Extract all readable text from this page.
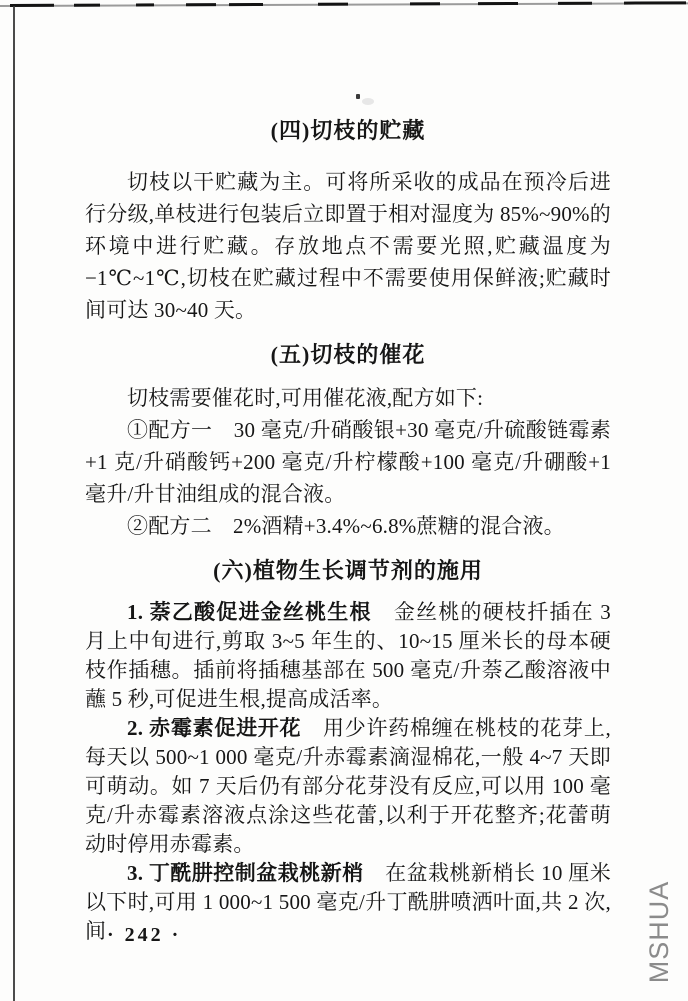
(四)切枝的贮藏

切枝以干贮藏为主。可将所采收的成品在预冷后进行分级,单枝进行包装后立即置于相对湿度为 85%~90%的环境中进行贮藏。存放地点不需要光照,贮藏温度为−1℃~1℃,切枝在贮藏过程中不需要使用保鲜液;贮藏时间可达 30~40 天。

(五)切枝的催花

切枝需要催花时,可用催花液,配方如下:

①配方一　30 毫克/升硝酸银+30 毫克/升硫酸链霉素+1 克/升硝酸钙+200 毫克/升柠檬酸+100 毫克/升硼酸+1 毫升/升甘油组成的混合液。

②配方二　2%酒精+3.4%~6.8%蔗糖的混合液。

(六)植物生长调节剂的施用

1. 萘乙酸促进金丝桃生根　金丝桃的硬枝扦插在 3 月上中旬进行,剪取 3~5 年生的、10~15 厘米长的母本硬枝作插穗。插前将插穗基部在 500 毫克/升萘乙酸溶液中蘸 5 秒,可促进生根,提高成活率。

2. 赤霉素促进开花　用少许药棉缠在桃枝的花芽上,每天以 500~1 000 毫克/升赤霉素滴湿棉花,一般 4~7 天即可萌动。如 7 天后仍有部分花芽没有反应,可以用 100 毫克/升赤霉素溶液点涂这些花蕾,以利于开花整齐;花蕾萌动时停用赤霉素。

3. 丁酰肼控制盆栽桃新梢　在盆栽桃新梢长 10 厘米以下时,可用 1 000~1 500 毫克/升丁酰肼喷洒叶面,共 2 次,间 · 242 ·	MSHUA
